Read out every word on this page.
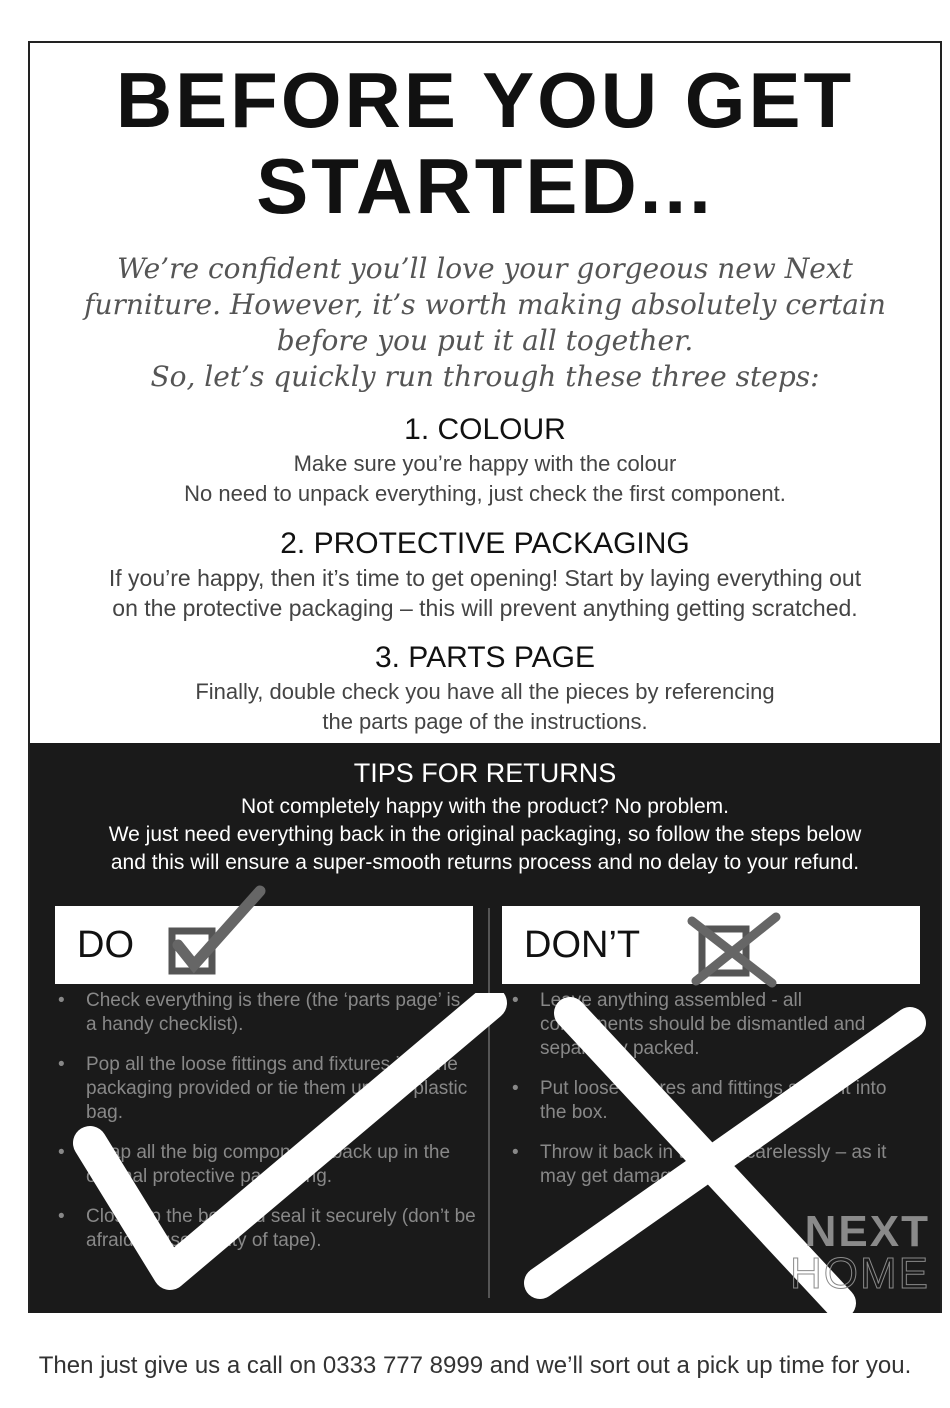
BEFORE YOU GET
STARTED...
We’re confident you’ll love your gorgeous new Next
furniture. However, it’s worth making absolutely certain
before you put it all together.
So, let’s quickly run through these three steps:
1. COLOUR
Make sure you’re happy with the colour
No need to unpack everything, just check the first component.
2. PROTECTIVE PACKAGING
If you’re happy, then it’s time to get opening! Start by laying everything out
on the protective packaging – this will prevent anything getting scratched.
3. PARTS PAGE
Finally, double check you have all the pieces by referencing
the parts page of the instructions.
TIPS FOR RETURNS
Not completely happy with the product? No problem.
We just need everything back in the original packaging, so follow the steps below
and this will ensure a super-smooth returns process and no delay to your refund.
DO	DON’T
• Check everything is there (the ‘parts page’ is a handy checklist).
• Pop all the loose fittings and fixtures into the packaging provided or tie them up in a plastic bag.
• Wrap all the big components back up in the original protective packaging.
• Close up the box and seal it securely (don’t be afraid to use plenty of tape).
• Leave anything assembled - all components should be dismantled and separately packed.
• Put loose fixtures and fittings straight into the box.
• Throw it back in the box carelessly – as it may get damaged.
NEXT
HOME
Then just give us a call on 0333 777 8999 and we’ll sort out a pick up time for you.
